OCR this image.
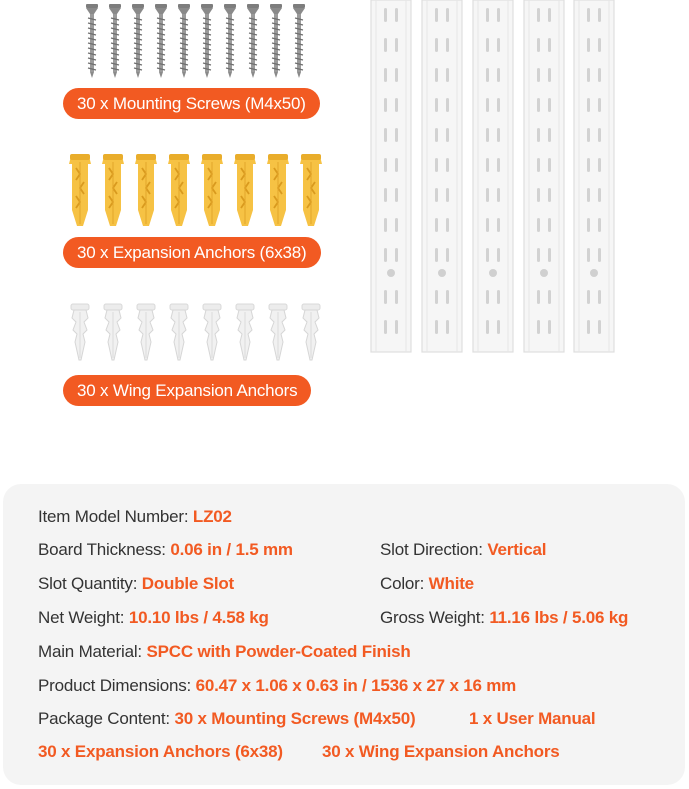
30 x Mounting Screws (M4x50)
30 x Expansion Anchors (6x38)
30 x Wing Expansion Anchors
Item Model Number: LZ02
Board Thickness: 0.06 in / 1.5 mm	Slot Direction: Vertical
Slot Quantity: Double Slot	Color: White
Net Weight: 10.10 lbs / 4.58 kg	Gross Weight: 11.16 lbs / 5.06 kg
Main Material: SPCC with Powder-Coated Finish
Product Dimensions: 60.47 x 1.06 x 0.63 in / 1536 x 27 x 16 mm
Package Content: 30 x Mounting Screws (M4x50)	1 x User Manual
30 x Expansion Anchors (6x38) 30 x Wing Expansion Anchors
